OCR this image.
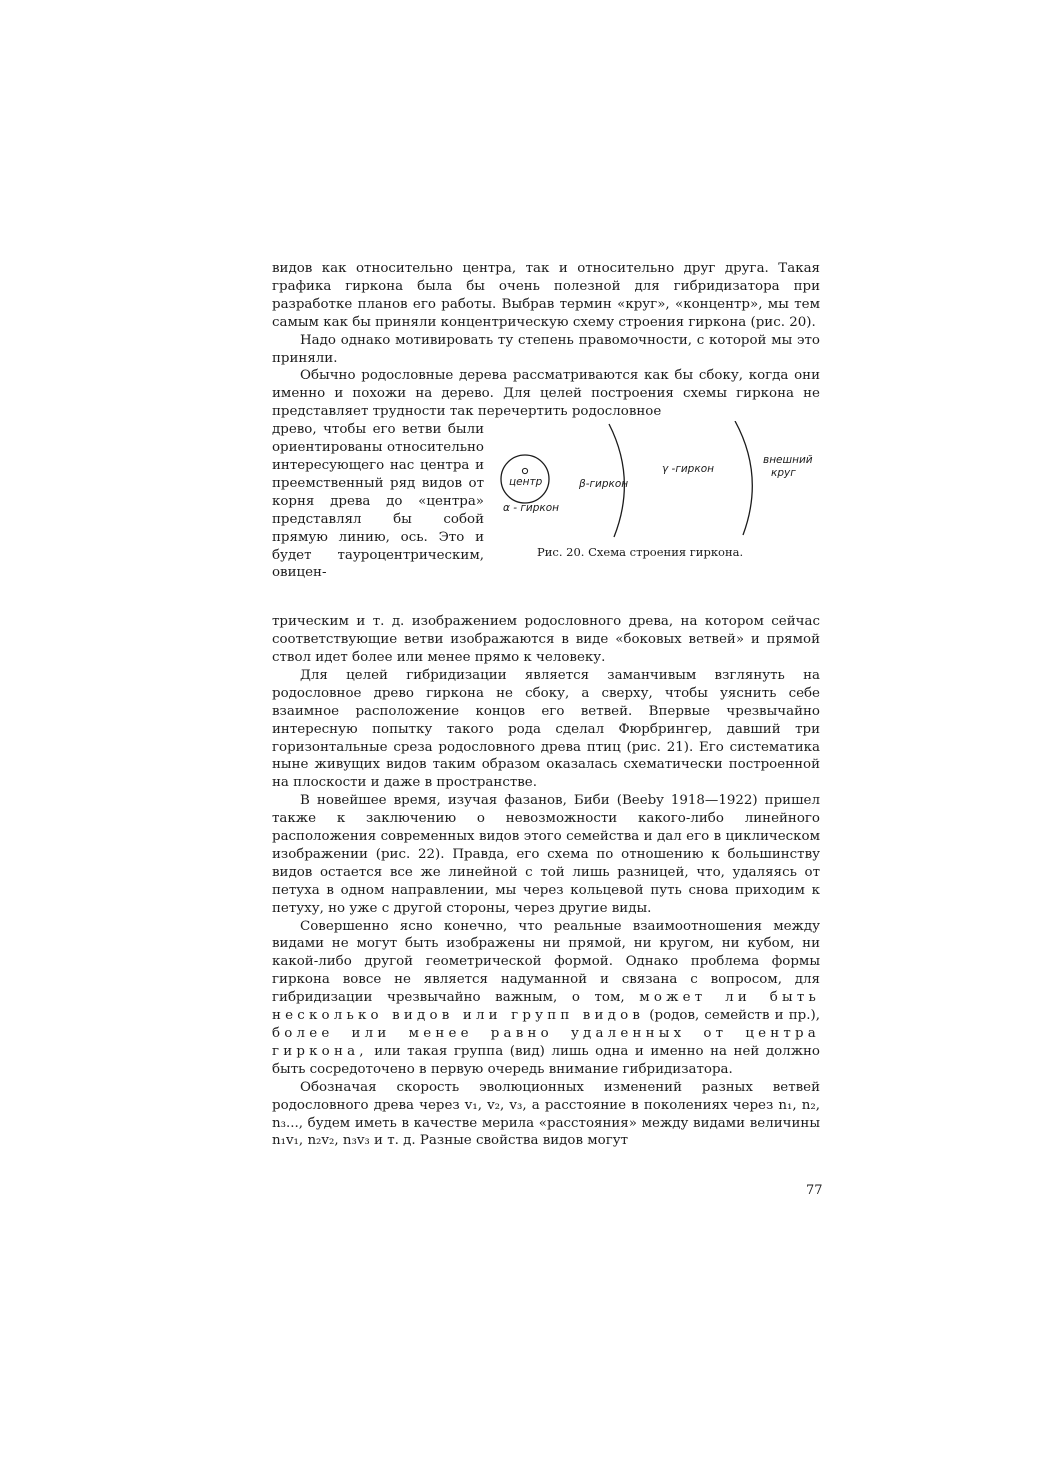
видов как относительно центра, так и относительно друг друга. Такая графика гиркона была бы очень полезной для гибридизатора при разработке планов его работы. Выбрав термин «круг», «концентр», мы тем самым как бы приняли концентрическую схему строения гиркона (рис. 20).

Надо однако мотивировать ту степень правомочности, с которой мы это приняли.

Обычно родословные дерева рассматриваются как бы сбоку, когда они именно и похожи на дерево. Для целей построения схемы гиркона не представляет трудности так перечертить родословное

древо, чтобы его ветви были ориентированы относительно интересующего нас центра и преемственный ряд видов от корня древа до «центра» представлял бы собой прямую линию, ось. Это и будет тауроцентрическим, овицен-

центр
α - гиркон
β-гиркон
γ -гиркон
внешний
круг
Рис. 20. Схема строения гиркона.

трическим и т. д. изображением родословного древа, на котором сейчас соответствующие ветви изображаются в виде «боковых ветвей» и прямой ствол идет более или менее прямо к человеку.

Для целей гибридизации является заманчивым взглянуть на родословное древо гиркона не сбоку, а сверху, чтобы уяснить себе взаимное расположение концов его ветвей. Впервые чрезвычайно интересную попытку такого рода сделал Фюрбрингер, давший три горизонтальные среза родословного древа птиц (рис. 21). Его систематика ныне живущих видов таким образом оказалась схематически построенной на плоскости и даже в пространстве.

В новейшее время, изучая фазанов, Биби (Beeby 1918—1922) пришел также к заключению о невозможности какого-либо линейного расположения современных видов этого семейства и дал его в циклическом изображении (рис. 22). Правда, его схема по отношению к большинству видов остается все же линейной с той лишь разницей, что, удаляясь от петуха в одном направлении, мы через кольцевой путь снова приходим к петуху, но уже с другой стороны, через другие виды.

Совершенно ясно конечно, что реальные взаимоотношения между видами не могут быть изображены ни прямой, ни кругом, ни кубом, ни какой-либо другой геометрической формой. Однако проблема формы гиркона вовсе не является надуманной и связана с вопросом, для гибридизации чрезвычайно важным, о том, может ли быть несколько видов или групп видов (родов, семейств и пр.), более или менее равно удаленных от центра гиркона, или такая группа (вид) лишь одна и именно на ней должно быть сосредоточено в первую очередь внимание гибридизатора.

Обозначая скорость эволюционных изменений разных ветвей родословного древа через v₁, v₂, v₃, а расстояние в поколениях через n₁, n₂, n₃..., будем иметь в качестве мерила «расстояния» между видами величины n₁v₁, n₂v₂, n₃v₃ и т. д. Разные свойства видов могут

77
